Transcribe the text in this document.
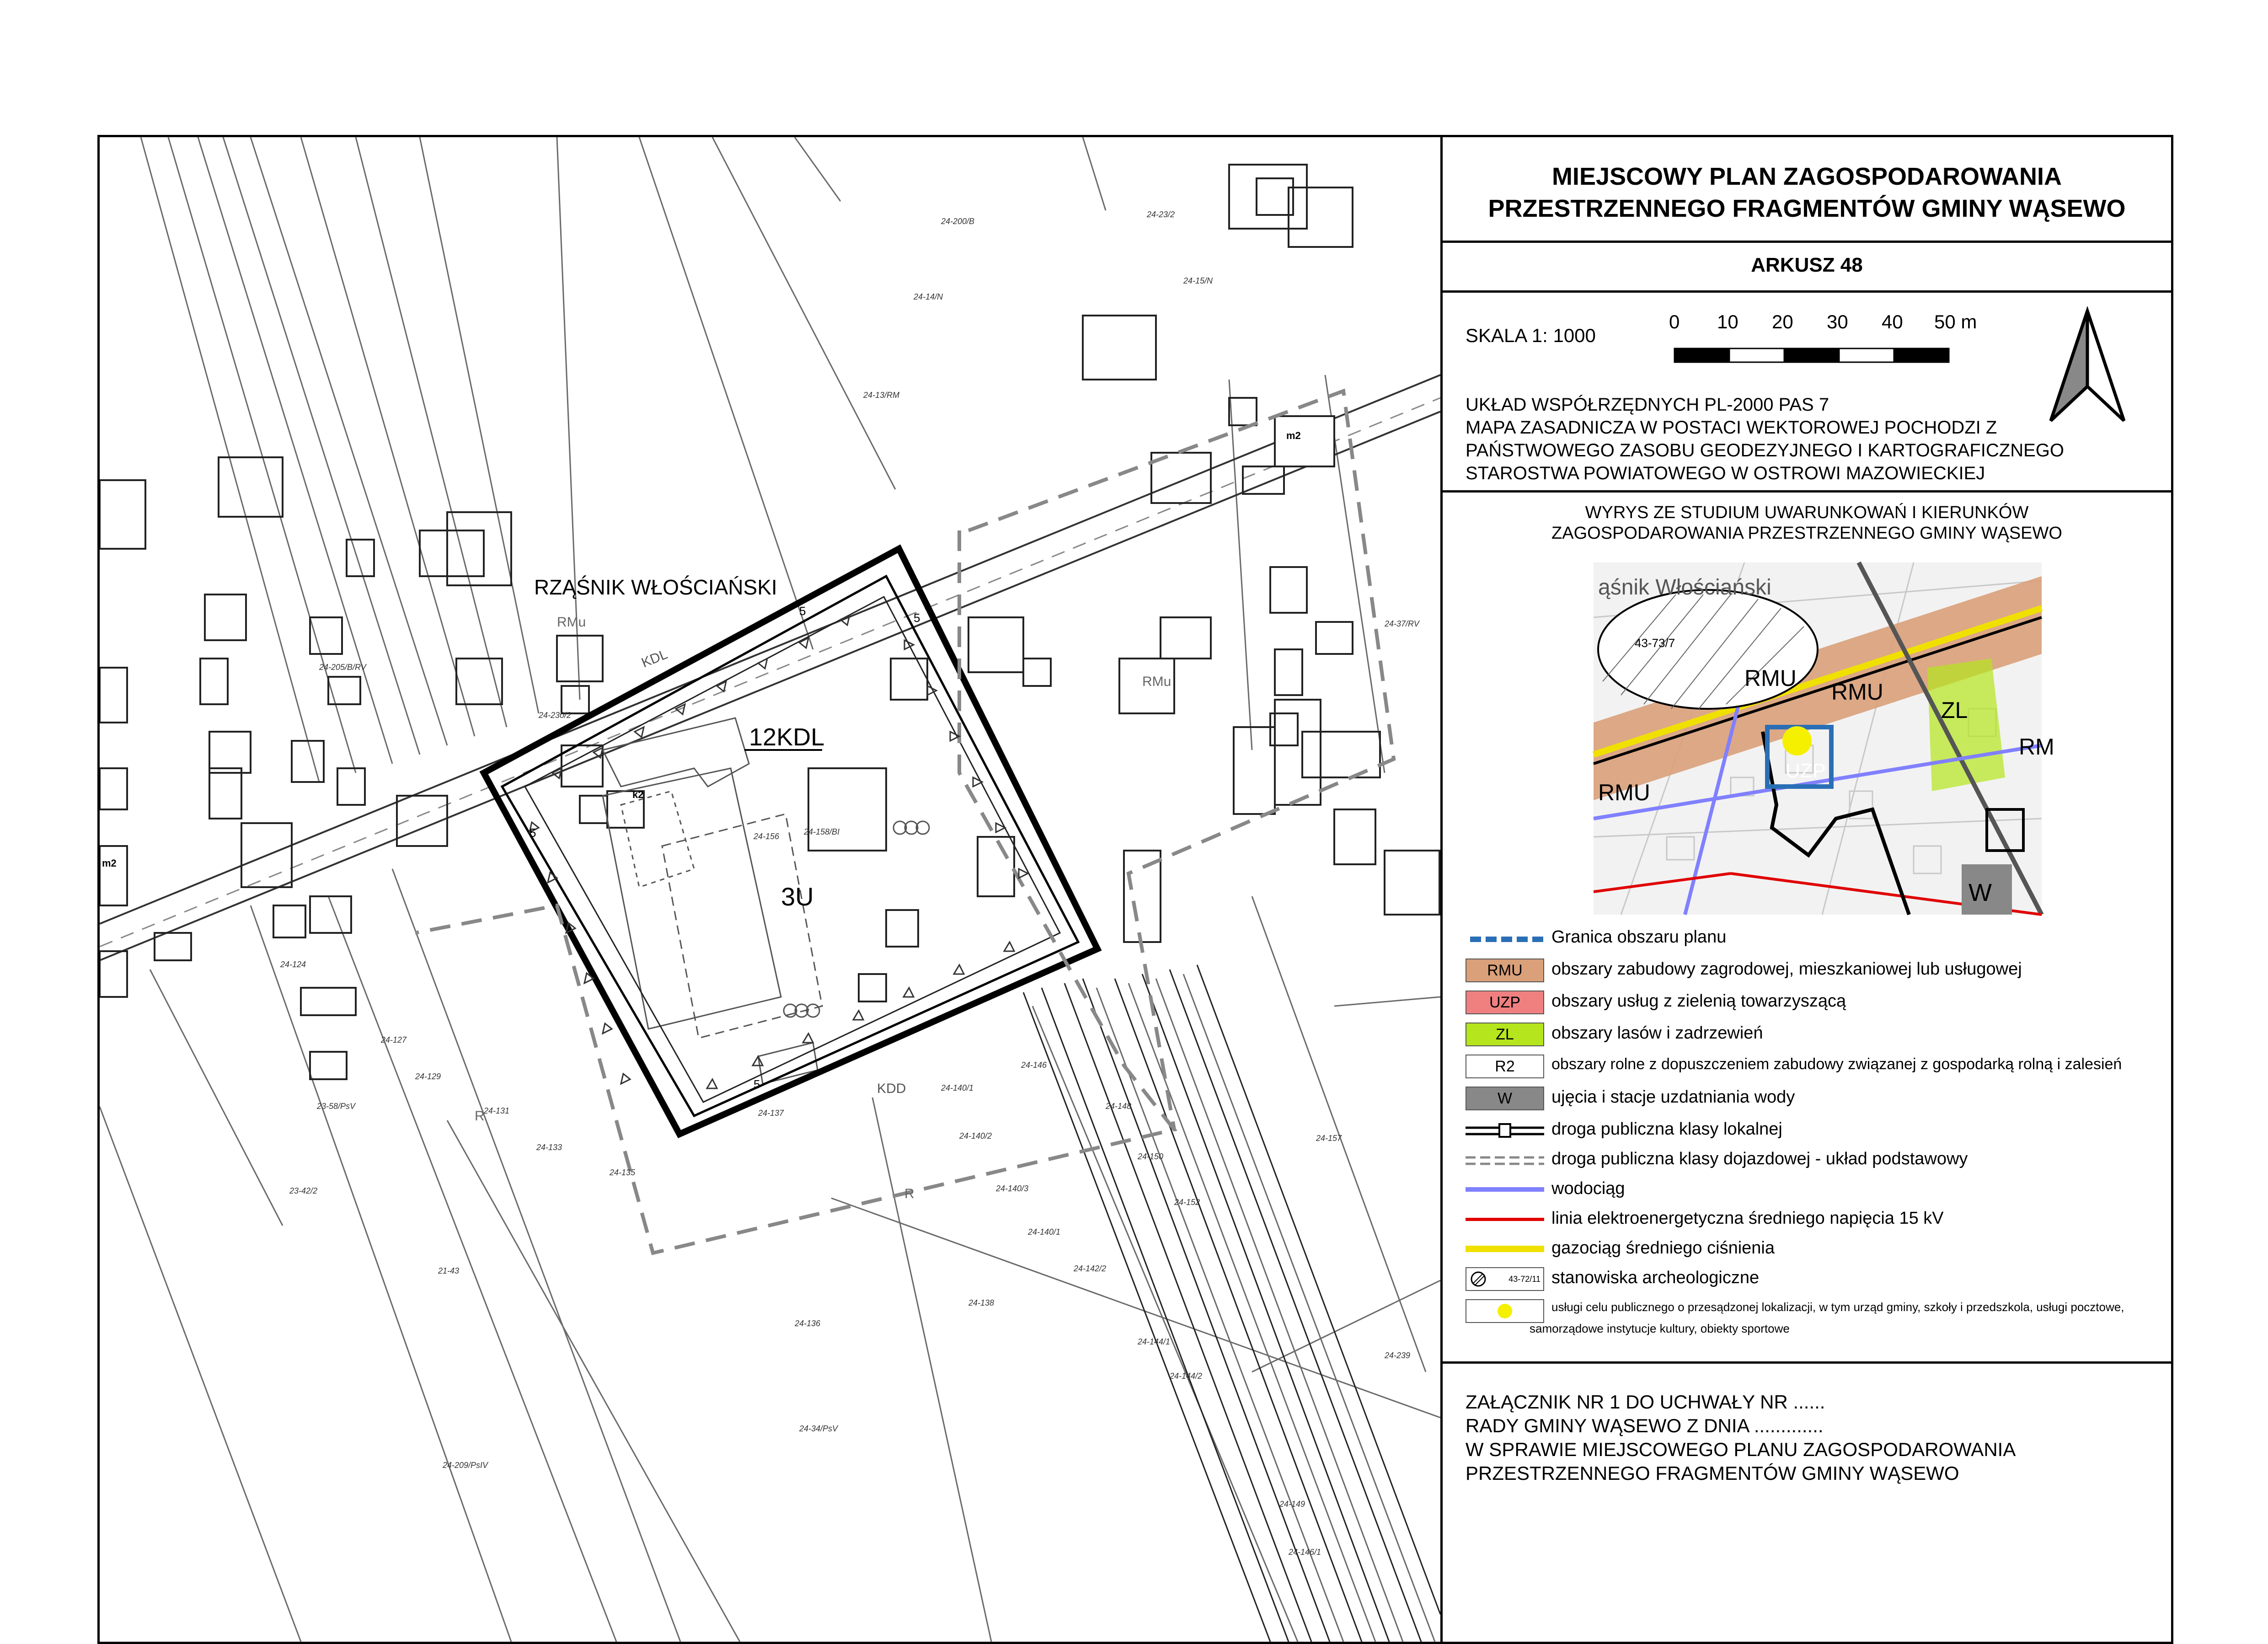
RZĄŚNIK WŁOŚCIAŃSKI
12KDL
3U
KDL
KDD
RMu
RMu
R
R
5	5
5
5
k2
m2
m2
24-200/B
24-23/2
24-15/N
24-14/N
24-13/RM
24-205/B/RV
24-230/2
24-37/RV
24-156	24-158/BI
24-124
24-127
24-129
23-58/PsV	24-131
24-133
24-135
24-137
24-140/1
24-146
24-148
24-140/2
24-150
24-140/3
24-152
24-157
23-42/2
24-140/1
24-142/2
21-43
24-138
24-136
24-144/1
24-144/2
24-239
24-34/PsV
24-209/PsIV
24-149
24-146/1
MIEJSCOWY PLAN ZAGOSPODAROWANIA
PRZESTRZENNEGO FRAGMENTÓW GMINY WĄSEWO
ARKUSZ 48
SKALA 1: 1000
0 10 20 30 40 50 m
UKŁAD WSPÓŁRZĘDNYCH PL-2000 PAS 7
MAPA ZASADNICZA W POSTACI WEKTOROWEJ POCHODZI Z
PAŃSTWOWEGO ZASOBU GEODEZYJNEGO I KARTOGRAFICZNEGO
STAROSTWA POWIATOWEGO W OSTROWI MAZOWIECKIEJ
WYRYS ZE STUDIUM UWARUNKOWAŃ I KIERUNKÓW
ZAGOSPODAROWANIA PRZESTRZENNEGO GMINY WĄSEWO
ąśnik Włościański
43-73/7
RMU
RMU
RMU
ZL
UZP
RM
W
Granica obszaru planu
RMU	obszary zabudowy zagrodowej, mieszkaniowej lub usługowej
UZP	obszary usług z zielenią towarzyszącą
ZL	obszary lasów i zadrzewień
R2	obszary rolne z dopuszczeniem zabudowy związanej z gospodarką rolną i zalesień
W	ujęcia i stacje uzdatniania wody
droga publiczna klasy lokalnej
droga publiczna klasy dojazdowej - układ podstawowy
wodociąg
linia elektroenergetyczna średniego napięcia 15 kV
gazociąg średniego ciśnienia
43-72/11 stanowiska archeologiczne
usługi celu publicznego o przesądzonej lokalizacji, w tym urząd gminy, szkoły i przedszkola, usługi pocztowe,
samorządowe instytucje kultury, obiekty sportowe
ZAŁĄCZNIK NR 1 DO UCHWAŁY NR ......
RADY GMINY WĄSEWO Z DNIA .............
W SPRAWIE MIEJSCOWEGO PLANU ZAGOSPODAROWANIA
PRZESTRZENNEGO FRAGMENTÓW GMINY WĄSEWO
